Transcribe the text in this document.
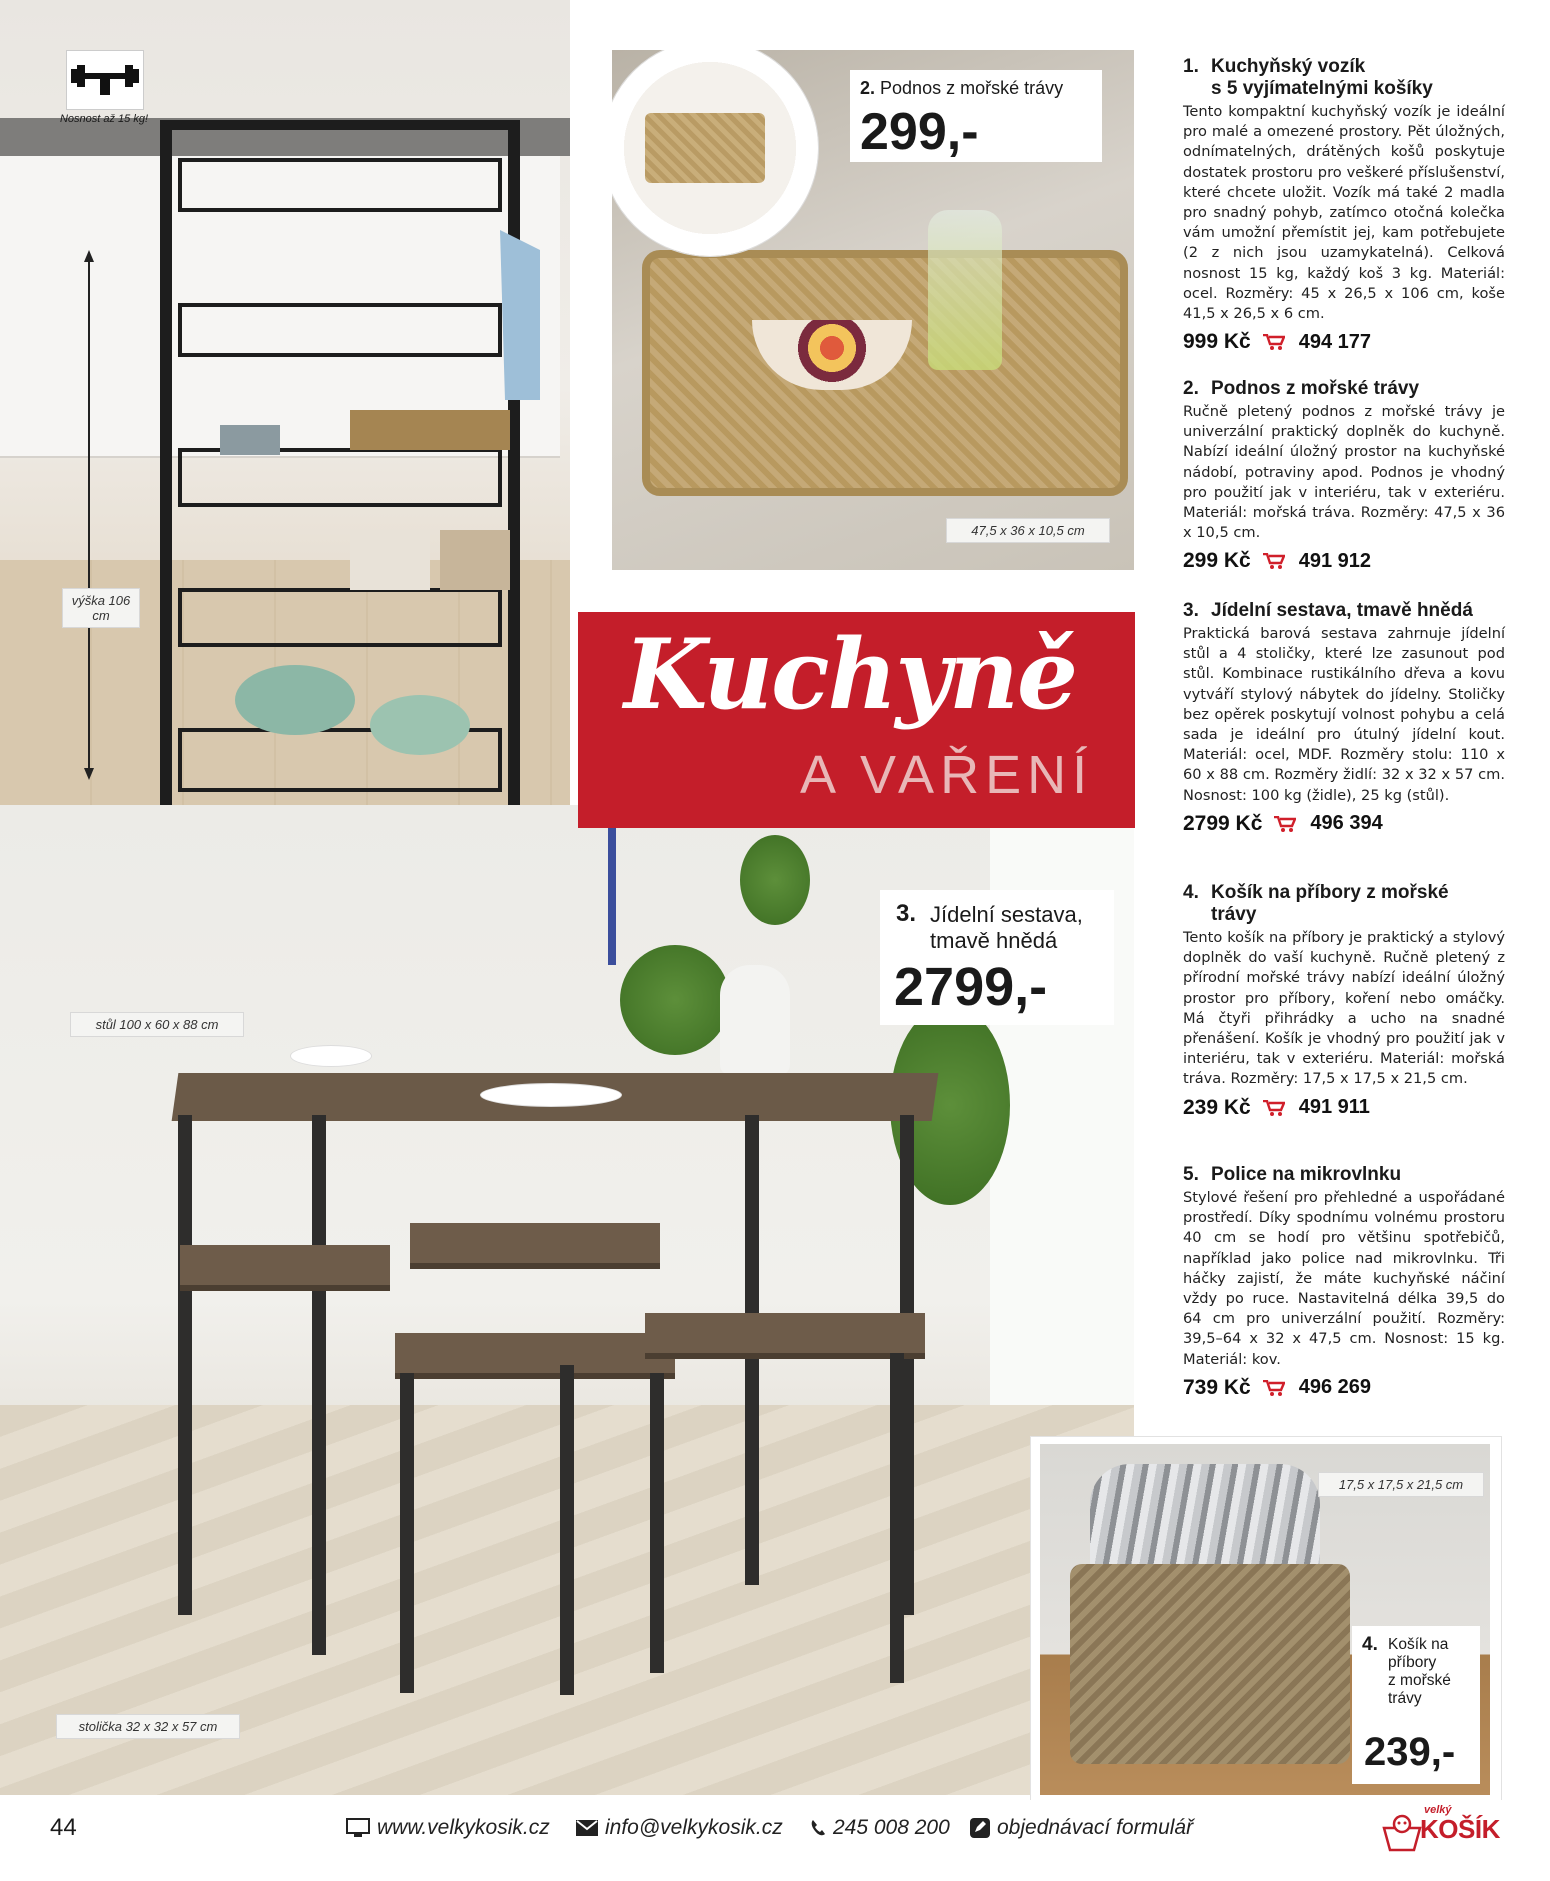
Nosnost až 15 kg!
výška 106 cm
2. Podnos z mořské trávy
299,-
47,5 x 36 x 10,5 cm
3. Jídelní sestava,
tmavě hnědá
2799,-
stůl 100 x 60 x 88 cm
stolička 32 x 32 x 57 cm
Kuchyně
A VAŘENÍ
17,5 x 17,5 x 21,5 cm
4. Košík na
příbory
z mořské
trávy
239,-
1. Kuchyňský vozík
s 5 vyjímatelnými košíky
Tento kompaktní kuchyňský vozík je ideální pro malé a omezené prostory. Pět úložných, odnímatelných, drátěných košů poskytuje dostatek prostoru pro veškeré příslušenství, které chcete uložit. Vozík má také 2 madla pro snadný pohyb, zatímco otočná kolečka vám umožní přemístit jej, kam potřebujete (2 z nich jsou uzamykatelná). Celková nosnost 15 kg, každý koš 3 kg. Materiál: ocel. Rozměry: 45 x 26,5 x 106 cm, koše 41,5 x 26,5 x 6 cm.
999 Kč 494 177
2. Podnos z mořské trávy
Ručně pletený podnos z mořské trávy je univerzální praktický doplněk do kuchyně. Nabízí ideální úložný prostor na kuchyňské nádobí, potraviny apod. Podnos je vhodný pro použití jak v interiéru, tak v exteriéru. Materiál: mořská tráva. Rozměry: 47,5 x 36 x 10,5 cm.
299 Kč 491 912
3. Jídelní sestava, tmavě hnědá
Praktická barová sestava zahrnuje jídelní stůl a 4 stoličky, které lze zasunout pod stůl. Kombinace rustikálního dřeva a kovu vytváří stylový nábytek do jídelny. Stoličky bez opěrek poskytují volnost pohybu a celá sada je ideální pro útulný jídelní kout. Materiál: ocel, MDF. Rozměry stolu: 110 x 60 x 88 cm. Rozměry židlí: 32 x 32 x 57 cm. Nosnost: 100 kg (židle), 25 kg (stůl).
2799 Kč 496 394
4. Košík na příbory z mořské
trávy
Tento košík na příbory je praktický a stylový doplněk do vaší kuchyně. Ručně pletený z přírodní mořské trávy nabízí ideální úložný prostor pro příbory, koření nebo omáčky. Má čtyři přihrádky a ucho na snadné přenášení. Košík je vhodný pro použití jak v interiéru, tak v exteriéru. Materiál: mořská tráva. Rozměry: 17,5 x 17,5 x 21,5 cm.
239 Kč 491 911
5. Police na mikrovlnku
Stylové řešení pro přehledné a uspořádané prostředí. Díky spodnímu volnému prostoru 40 cm se hodí pro většinu spotřebičů, například jako police nad mikrovlnku. Tři háčky zajistí, že máte kuchyňské náčiní vždy po ruce. Nastavitelná délka 39,5 do 64 cm pro univerzální použití. Rozměry: 39,5–64 x 32 x 47,5 cm. Nosnost: 15 kg. Materiál: kov.
739 Kč 496 269
44	www.velkykosik.cz	info@velkykosik.cz 245 008 200 objednávací formulář
velký
KOŠÍK
